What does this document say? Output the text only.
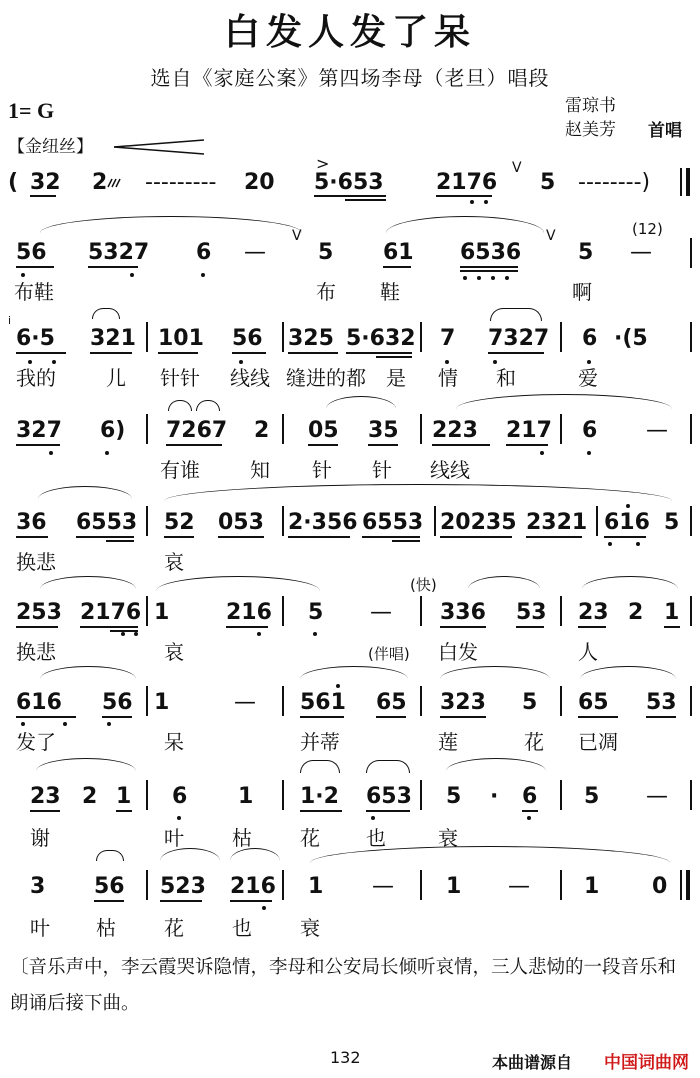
白发人发了呆
选自《家庭公案》第四场李母（老旦）唱段
1= G
【金纽丝】
雷琼书
赵美芳 首唱
( 32 2 --------- 20
>
5·653 2176
V
5 --------)
(12)
56 5327 6 —
V
5 61 6536
V
5 —
布鞋	布 鞋	啊
i
6·5 321 101 56 325 5·632 7 7327 6 ·(5
我的	儿 针针 线线 缝进的都 是 情 和	爱
327 6) 7267 2 05 35 223 217 6 —
有谁	知 针 针 线线
36 6553 52 053 2·356 6553 20235 2321 616 5
换悲	哀
(快)
253 2176 1	216 5 — 336 53 23 2 1
换悲	哀	(伴唱) 白发	人
616 56 1	— 561 65 323 5 65 53
发了	呆	并蒂	莲	花 已凋
23 2 1 6 1 1·2 653 5 · 6 5 —
谢	叶 枯 花 也	衰
3 56 523 216 1 — 1 — 1 0
叶 枯 花 也 衰
〔音乐声中，李云霞哭诉隐情，李母和公安局长倾听哀情，三人悲恸的一段音乐和朗诵后接下曲。
132	本曲谱源自 中国词曲网
